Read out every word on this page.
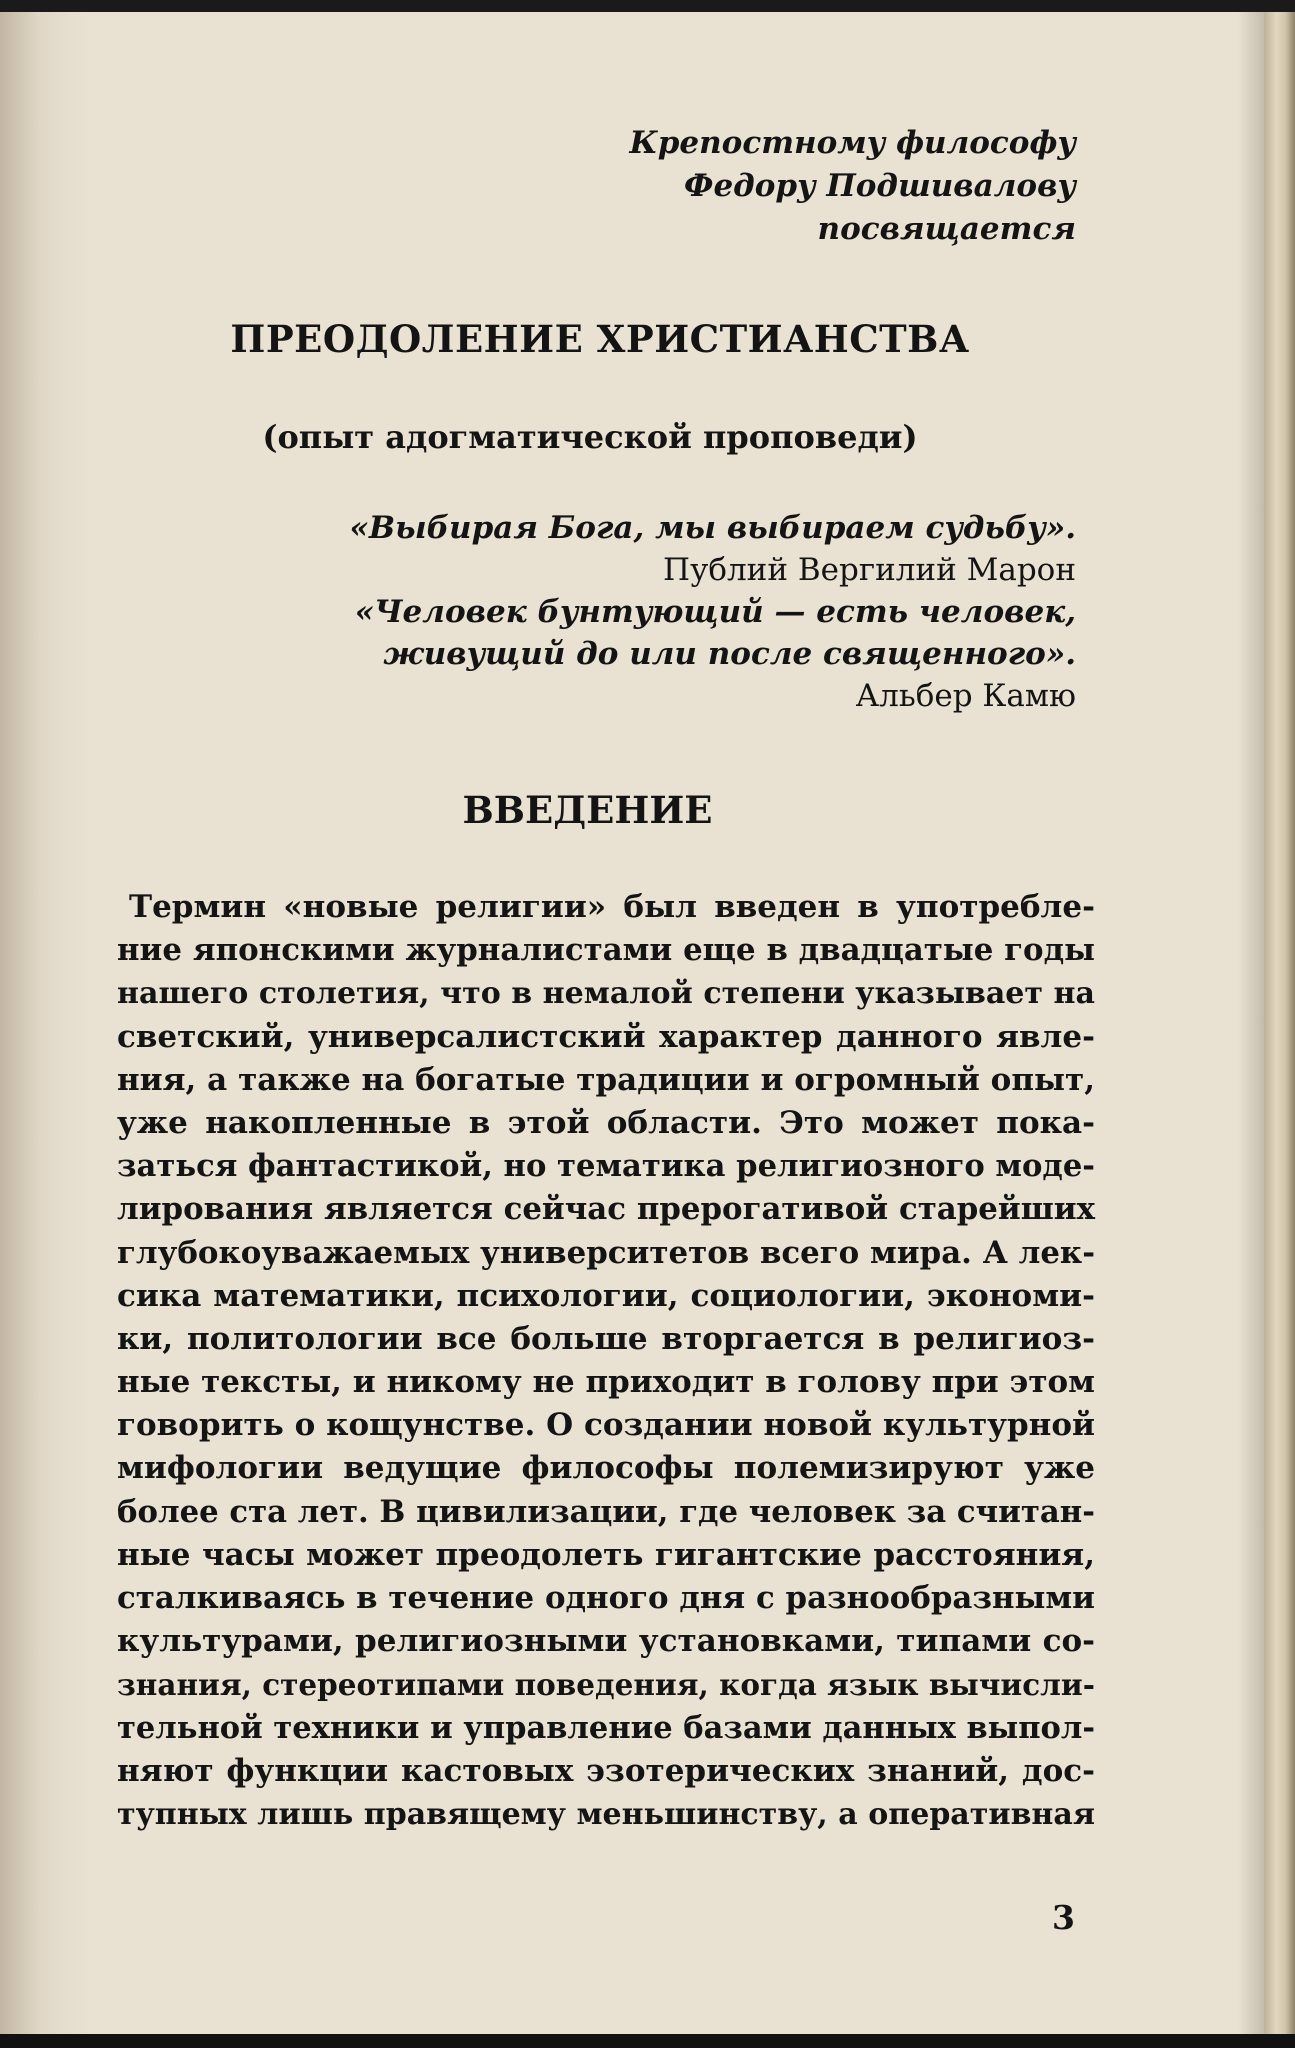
Крепостному философу
Федору Подшивалову
посвящается
ПРЕОДОЛЕНИЕ ХРИСТИАНСТВА
(опыт адогматической проповеди)
«Выбирая Бога, мы выбираем судьбу».
Публий Вергилий Марон
«Человек бунтующий — есть человек,
живущий до или после священного».
Альбер Камю
ВВЕДЕНИЕ
Термин «новые религии» был введен в употребле-
ние японскими журналистами еще в двадцатые годы
нашего столетия, что в немалой степени указывает на
светский, универсалистский характер данного явле-
ния, а также на богатые традиции и огромный опыт,
уже накопленные в этой области. Это может пока-
заться фантастикой, но тематика религиозного моде-
лирования является сейчас прерогативой старейших
глубокоуважаемых университетов всего мира. А лек-
сика математики, психологии, социологии, экономи-
ки, политологии все больше вторгается в религиоз-
ные тексты, и никому не приходит в голову при этом
говорить о кощунстве. О создании новой культурной
мифологии ведущие философы полемизируют уже
более ста лет. В цивилизации, где человек за считан-
ные часы может преодолеть гигантские расстояния,
сталкиваясь в течение одного дня с разнообразными
культурами, религиозными установками, типами со-
знания, стереотипами поведения, когда язык вычисли-
тельной техники и управление базами данных выпол-
няют функции кастовых эзотерических знаний, дос-
тупных лишь правящему меньшинству, а оперативная
3
